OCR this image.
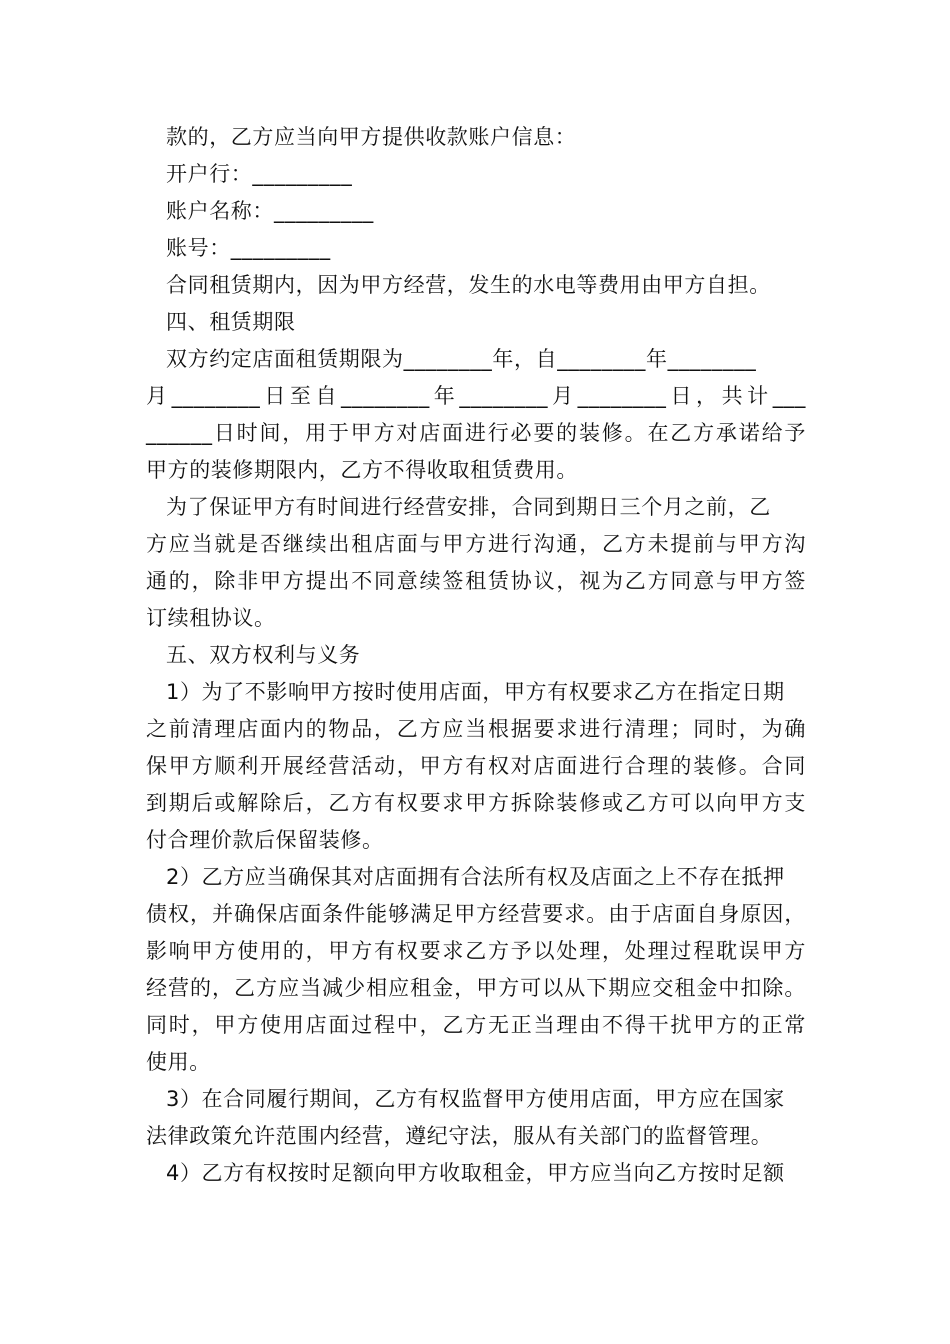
款的，乙方应当向甲方提供收款账户信息：
开户行：_________
账户名称：_________
账号：_________
合同租赁期内，因为甲方经营，发生的水电等费用由甲方自担。
四、租赁期限
双方约定店面租赁期限为________年，自________年________
月________日至自________年________月________日，共计___
______日时间，用于甲方对店面进行必要的装修。在乙方承诺给予
甲方的装修期限内，乙方不得收取租赁费用。
为了保证甲方有时间进行经营安排，合同到期日三个月之前，乙
方应当就是否继续出租店面与甲方进行沟通，乙方未提前与甲方沟
通的，除非甲方提出不同意续签租赁协议，视为乙方同意与甲方签
订续租协议。
五、双方权利与义务
1）为了不影响甲方按时使用店面，甲方有权要求乙方在指定日期
之前清理店面内的物品，乙方应当根据要求进行清理；同时，为确
保甲方顺利开展经营活动，甲方有权对店面进行合理的装修。合同
到期后或解除后，乙方有权要求甲方拆除装修或乙方可以向甲方支
付合理价款后保留装修。
2）乙方应当确保其对店面拥有合法所有权及店面之上不存在抵押
债权，并确保店面条件能够满足甲方经营要求。由于店面自身原因，
影响甲方使用的，甲方有权要求乙方予以处理，处理过程耽误甲方
经营的，乙方应当减少相应租金，甲方可以从下期应交租金中扣除。
同时，甲方使用店面过程中，乙方无正当理由不得干扰甲方的正常
使用。
3）在合同履行期间，乙方有权监督甲方使用店面，甲方应在国家
法律政策允许范围内经营，遵纪守法，服从有关部门的监督管理。
4）乙方有权按时足额向甲方收取租金，甲方应当向乙方按时足额
